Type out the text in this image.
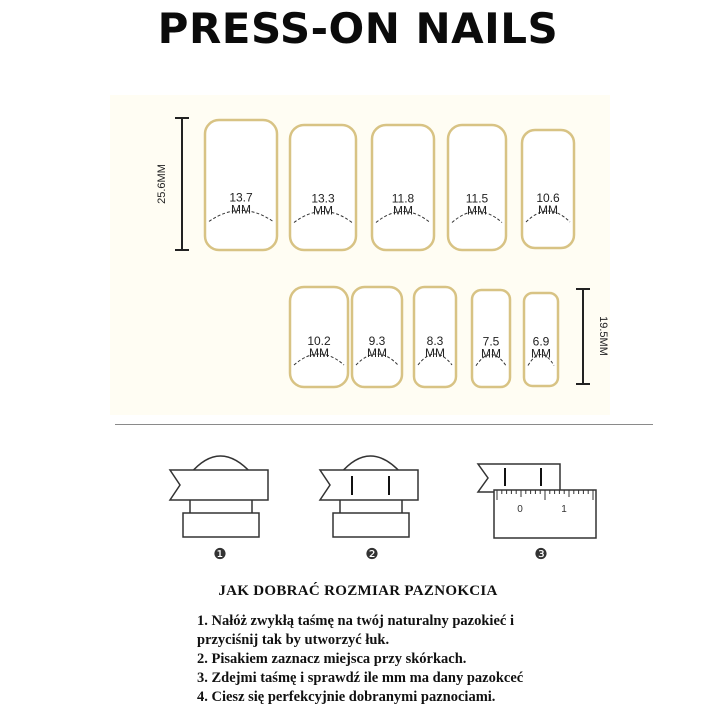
PRESS-ON NAILS
25.6MM
19.5MM
13.7
MM
13.3
MM
11.8
MM
11.5
MM
10.6
MM
10.2
MM
9.3
MM
8.3
MM
7.5
MM
6.9
MM
❶	❷
0	1
❸
JAK DOBRAĆ ROZMIAR PAZNOKCIA
1. Nałóż zwykłą taśmę na twój naturalny pazokieć i
przyciśnij tak by utworzyć łuk.
2. Pisakiem zaznacz miejsca przy skórkach.
3. Zdejmi taśmę i sprawdź ile mm ma dany pazokceć
4. Ciesz się perfekcyjnie dobranymi paznociami.
